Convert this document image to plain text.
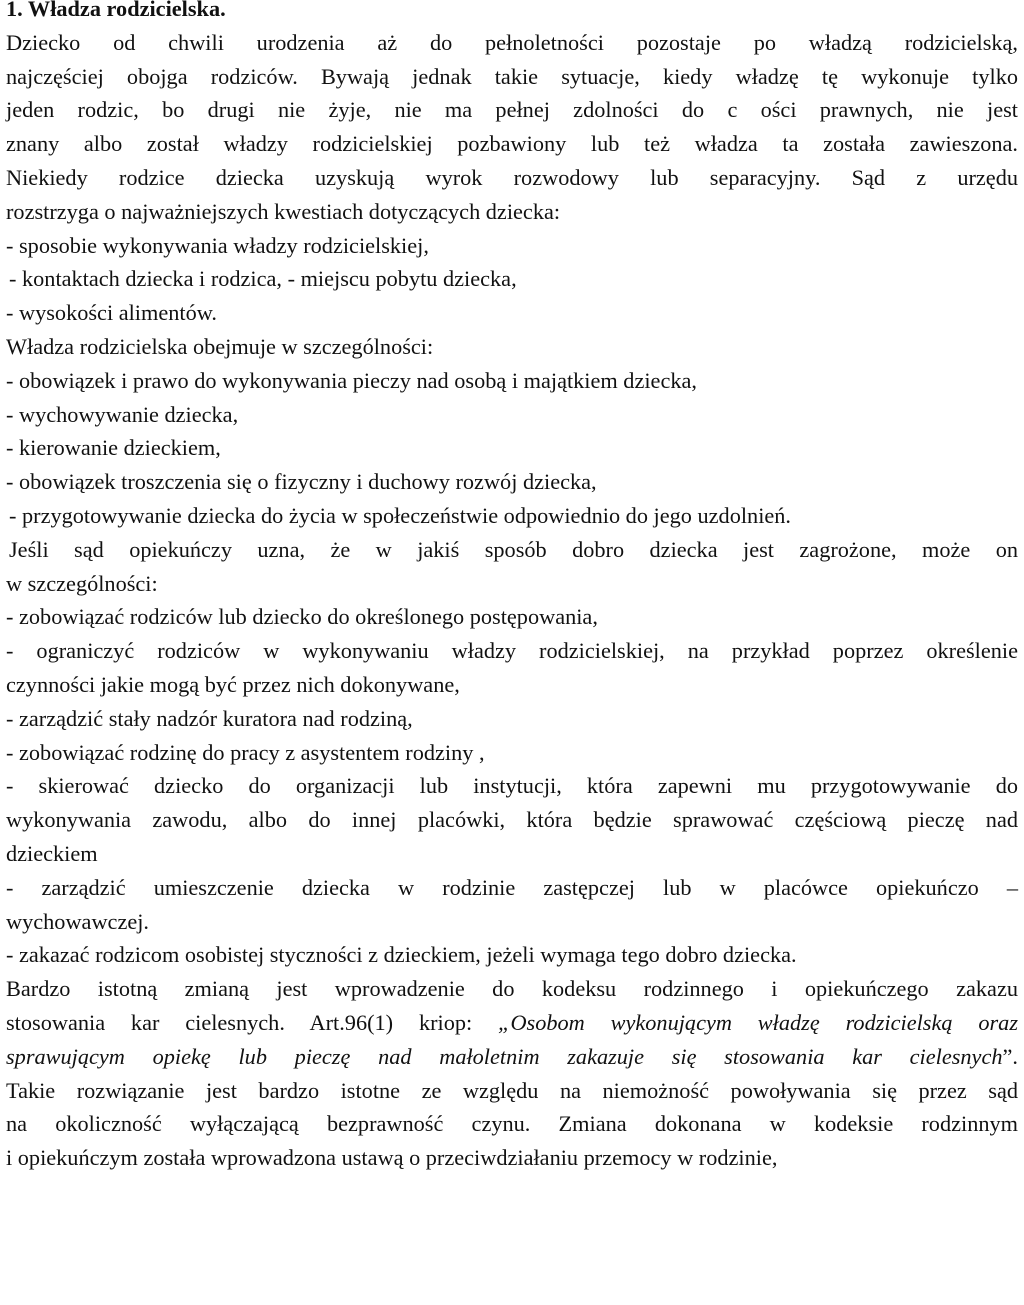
1. Władza rodzicielska.

Dziecko od chwili urodzenia aż do pełnoletności pozostaje po władzą rodzicielską,

najczęściej obojga rodziców. Bywają jednak takie sytuacje, kiedy władzę tę wykonuje tylko

jeden rodzic, bo drugi nie żyje, nie ma pełnej zdolności do c ości prawnych, nie jest

znany albo został władzy rodzicielskiej pozbawiony lub też władza ta została zawieszona.

Niekiedy rodzice dziecka uzyskują wyrok rozwodowy lub separacyjny. Sąd z urzędu

rozstrzyga o najważniejszych kwestiach dotyczących dziecka:

- sposobie wykonywania władzy rodzicielskiej,

- kontaktach dziecka i rodzica, - miejscu pobytu dziecka,

- wysokości alimentów.

Władza rodzicielska obejmuje w szczególności:

- obowiązek i prawo do wykonywania pieczy nad osobą i majątkiem dziecka,

- wychowywanie dziecka,

- kierowanie dzieckiem,

- obowiązek troszczenia się o fizyczny i duchowy rozwój dziecka,

- przygotowywanie dziecka do życia w społeczeństwie odpowiednio do jego uzdolnień.

Jeśli sąd opiekuńczy uzna, że w jakiś sposób dobro dziecka jest zagrożone, może on

w szczególności:

- zobowiązać rodziców lub dziecko do określonego postępowania,

- ograniczyć rodziców w wykonywaniu władzy rodzicielskiej, na przykład poprzez określenie

czynności jakie mogą być przez nich dokonywane,

- zarządzić stały nadzór kuratora nad rodziną,

- zobowiązać rodzinę do pracy z asystentem rodziny ,

- skierować dziecko do organizacji lub instytucji, która zapewni mu przygotowywanie do

wykonywania zawodu, albo do innej placówki, która będzie sprawować częściową pieczę nad

dzieckiem

- zarządzić umieszczenie dziecka w rodzinie zastępczej lub w placówce opiekuńczo –

wychowawczej.

- zakazać rodzicom osobistej styczności z dzieckiem, jeżeli wymaga tego dobro dziecka.

Bardzo istotną zmianą jest wprowadzenie do kodeksu rodzinnego i opiekuńczego zakazu

stosowania kar cielesnych. Art.96(1) kriop: „Osobom wykonującym władzę rodzicielską oraz

sprawującym opiekę lub pieczę nad małoletnim zakazuje się stosowania kar cielesnych”.

Takie rozwiązanie jest bardzo istotne ze względu na niemożność powoływania się przez sąd

na okoliczność wyłączającą bezprawność czynu. Zmiana dokonana w kodeksie rodzinnym

i opiekuńczym została wprowadzona ustawą o przeciwdziałaniu przemocy w rodzinie,
